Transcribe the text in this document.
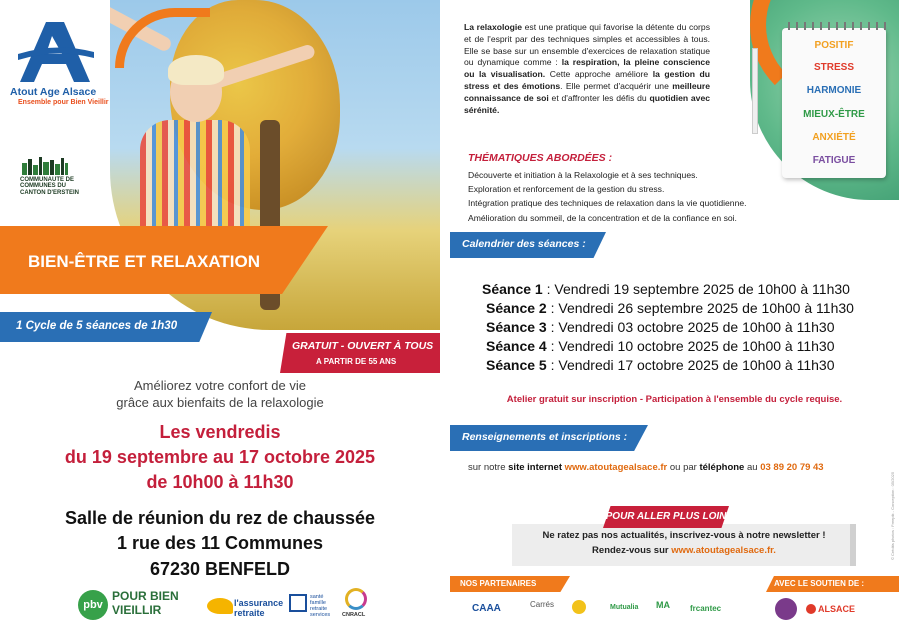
Atout Age Alsace
Ensemble pour Bien Vieillir
COMMUNAUTE DE COMMUNES DU CANTON D'ERSTEIN
BIEN-ÊTRE ET RELAXATION
1 Cycle de 5 séances de 1h30
GRATUIT - OUVERT À TOUS
A PARTIR DE 55 ANS
Améliorez votre confort de vie
grâce aux bienfaits de la relaxologie
Les vendredis
du 19 septembre au 17 octobre 2025
de 10h00 à 11h30
Salle de réunion du rez de chaussée
1 rue des 11 Communes
67230 BENFELD
pbv
POUR BIEN VIEILLIR	l'assurance retraite
santé famille retraite services	CNRACL
POSITIF
STRESS
HARMONIE
MIEUX-ÊTRE
ANXIÉTÉ
FATIGUE
La relaxologie est une pratique qui favorise la détente du corps et de l'esprit par des techniques simples et accessibles à tous. Elle se base sur un ensemble d'exercices de relaxation statique ou dynamique comme : la respiration, la pleine conscience ou la visualisation. Cette approche améliore la gestion du stress et des émotions. Elle permet d'acquérir une meilleure connaissance de soi et d'affronter les défis du quotidien avec sérénité.
THÉMATIQUES ABORDÉES :
Découverte et initiation à la Relaxologie et à ses techniques.
Exploration et renforcement de la gestion du stress.
Intégration pratique des techniques de relaxation dans la vie quotidienne.
Amélioration du sommeil, de la concentration et de la confiance en soi.
Calendrier des séances :
Séance 1 : Vendredi 19 septembre 2025 de 10h00 à 11h30
Séance 2 : Vendredi 26 septembre 2025 de 10h00 à 11h30
Séance 3 : Vendredi 03 octobre 2025 de 10h00 à 11h30
Séance 4 : Vendredi 10 octobre 2025 de 10h00 à 11h30
Séance 5 : Vendredi 17 octobre 2025 de 10h00 à 11h30
Atelier gratuit sur inscription - Participation à l'ensemble du cycle requise.
Renseignements et inscriptions :
sur notre site internet www.atoutagealsace.fr ou par téléphone au 03 89 20 79 43
POUR ALLER PLUS LOIN
Ne ratez pas nos actualités, inscrivez-vous à notre newsletter !
Rendez-vous sur www.atoutagealsace.fr.
NOS PARTENAIRES	AVEC LE SOUTIEN DE :
CAAA	Carrés	Mutualia MA	frcantec	ALSACE
© Crédits photos : Freepik - Conception : 05/2025
